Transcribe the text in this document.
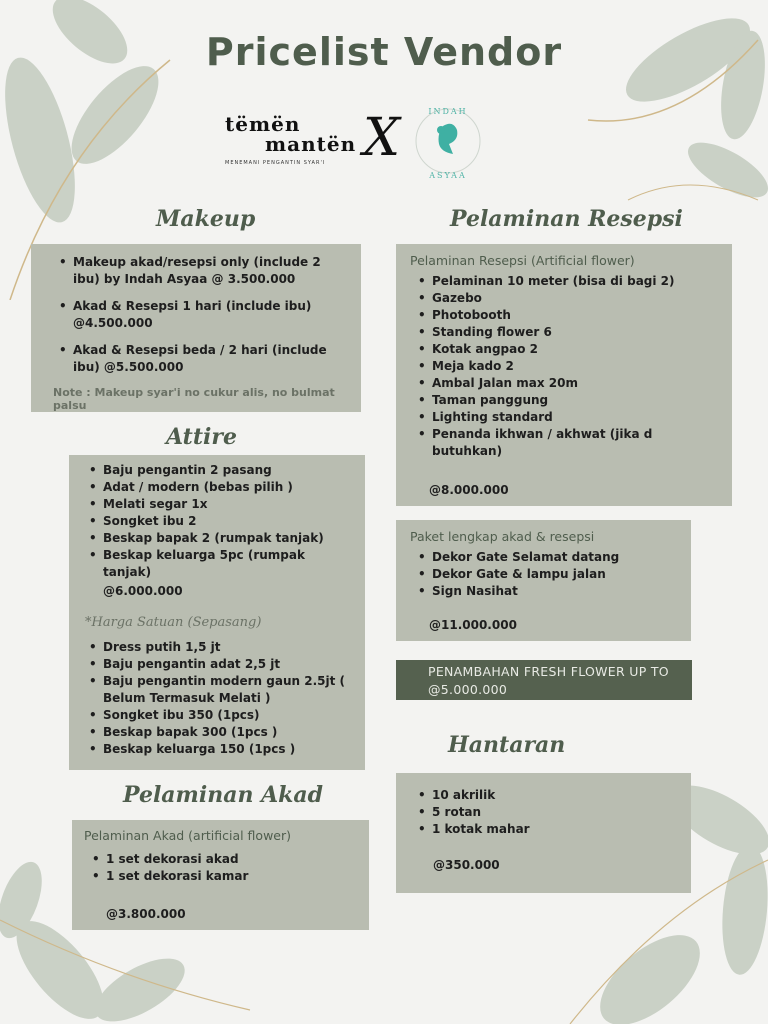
Pricelist Vendor
tëmën
mantën
MENEMANI PENGANTIN SYAR'I X	INDAH
ASYAA
Makeup
• Makeup akad/resepsi only (include 2 ibu) by Indah Asyaa @ 3.500.000
• Akad & Resepsi 1 hari (include ibu) @4.500.000
• Akad & Resepsi beda / 2 hari (include ibu) @5.500.000
Note : Makeup syar'i no cukur alis, no bulmat palsu
Attire
• Baju pengantin 2 pasang
• Adat / modern (bebas pilih )
• Melati segar 1x
• Songket ibu 2
• Beskap bapak 2 (rumpak tanjak)
• Beskap keluarga 5pc (rumpak tanjak)
@6.000.000
*Harga Satuan (Sepasang)
• Dress putih 1,5 jt
• Baju pengantin adat 2,5 jt
• Baju pengantin modern gaun 2.5jt ( Belum Termasuk Melati )
• Songket ibu 350 (1pcs)
• Beskap bapak 300 (1pcs )
• Beskap keluarga 150 (1pcs )
Pelaminan Akad
Pelaminan Akad (artificial flower)
• 1 set dekorasi akad
• 1 set dekorasi kamar
@3.800.000
Pelaminan Resepsi
Pelaminan Resepsi (Artificial flower)
• Pelaminan 10 meter (bisa di bagi 2)
• Gazebo
• Photobooth
• Standing flower 6
• Kotak angpao 2
• Meja kado 2
• Ambal Jalan max 20m
• Taman panggung
• Lighting standard
• Penanda ikhwan / akhwat (jika d butuhkan)
@8.000.000
Paket lengkap akad & resepsi
• Dekor Gate Selamat datang
• Dekor Gate & lampu jalan
• Sign Nasihat
@11.000.000
PENAMBAHAN FRESH FLOWER UP TO
@5.000.000
Hantaran
• 10 akrilik
• 5 rotan
• 1 kotak mahar
@350.000
